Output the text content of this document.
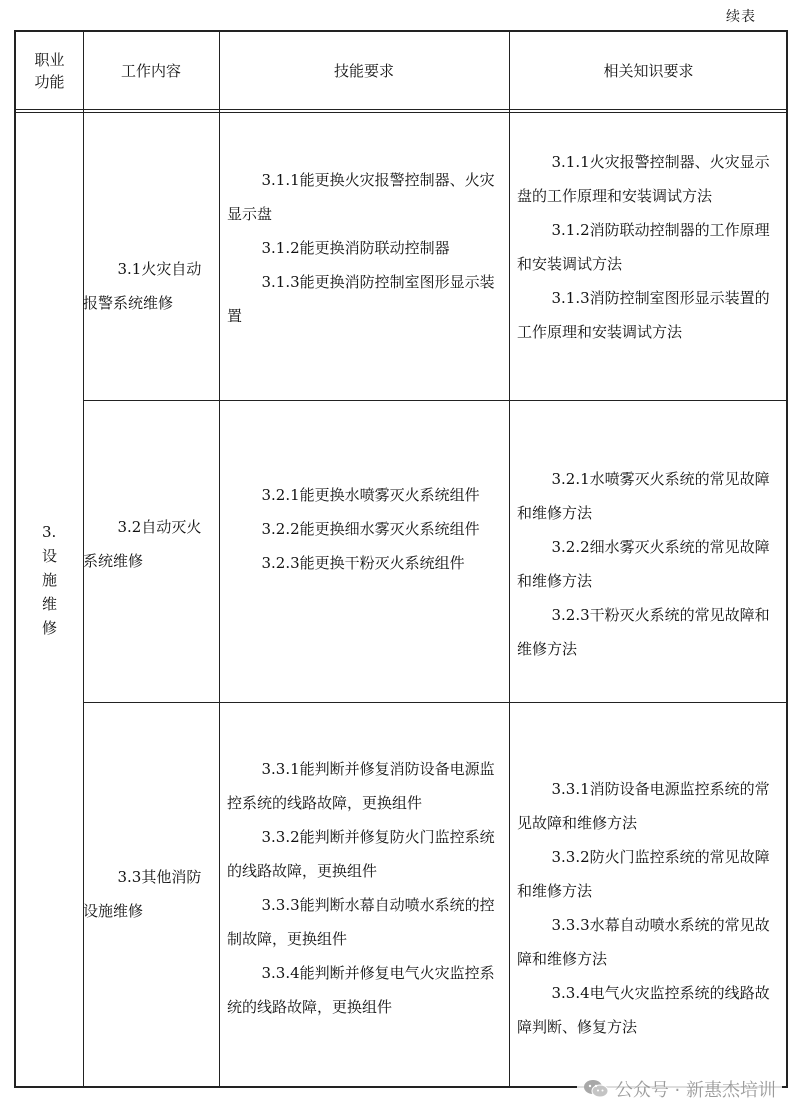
续表
职业功能
工作内容	技能要求	相关知识要求
3.
设
施
维
修

3.1火灾自动报警系统维修

3.1.1能更换火灾报警控制器、火灾显示盘

3.1.2能更换消防联动控制器

3.1.3能更换消防控制室图形显示装置

3.1.1火灾报警控制器、火灾显示盘的工作原理和安装调试方法

3.1.2消防联动控制器的工作原理和安装调试方法

3.1.3消防控制室图形显示装置的工作原理和安装调试方法

3.2自动灭火系统维修

3.2.1能更换水喷雾灭火系统组件

3.2.2能更换细水雾灭火系统组件

3.2.3能更换干粉灭火系统组件

3.2.1水喷雾灭火系统的常见故障和维修方法

3.2.2细水雾灭火系统的常见故障和维修方法

3.2.3干粉灭火系统的常见故障和维修方法

3.3其他消防设施维修

3.3.1能判断并修复消防设备电源监控系统的线路故障，更换组件

3.3.2能判断并修复防火门监控系统的线路故障，更换组件

3.3.3能判断水幕自动喷水系统的控制故障，更换组件

3.3.4能判断并修复电气火灾监控系统的线路故障，更换组件

3.3.1消防设备电源监控系统的常见故障和维修方法

3.3.2防火门监控系统的常见故障和维修方法

3.3.3水幕自动喷水系统的常见故障和维修方法

3.3.4电气火灾监控系统的线路故障判断、修复方法

公众号 · 新惠杰培训
